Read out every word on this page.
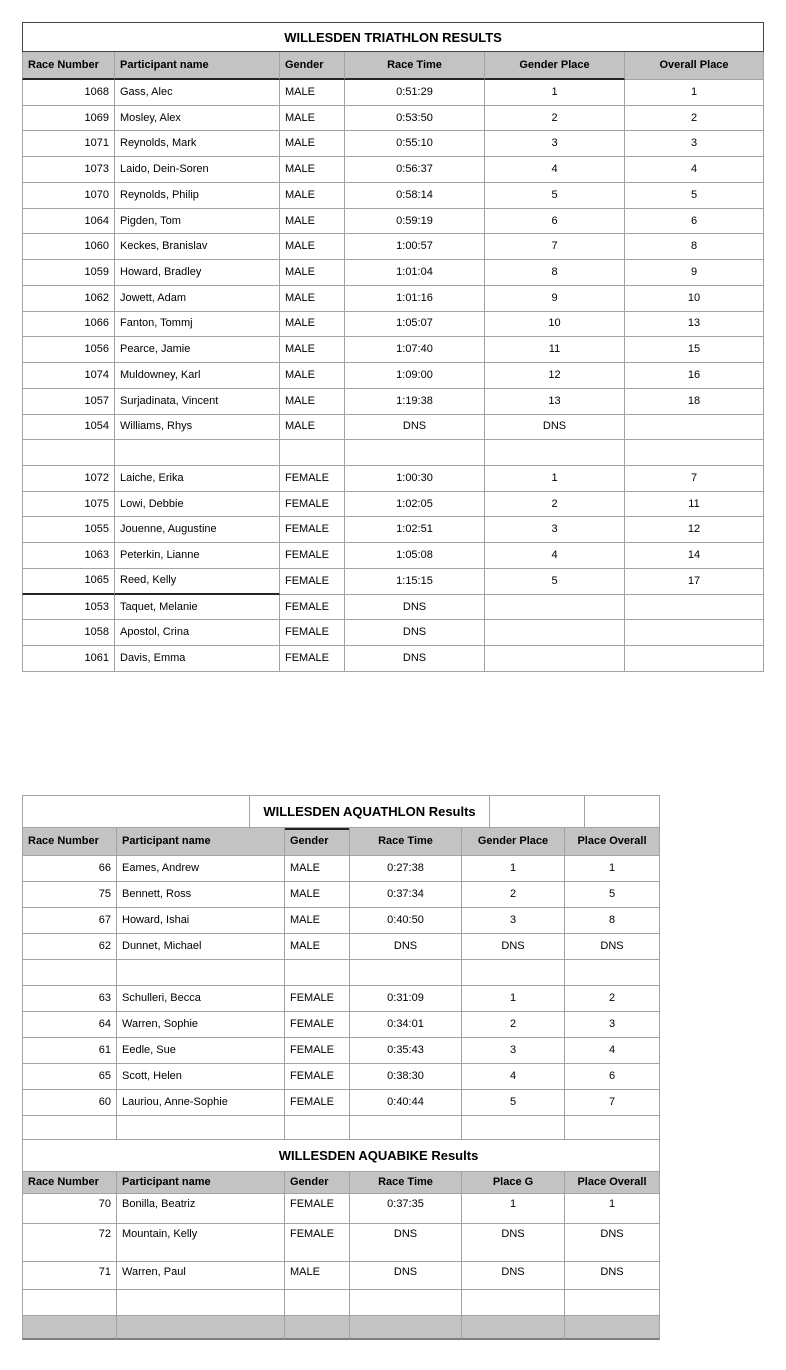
WILLESDEN TRIATHLON RESULTS
Race Number	Participant name	Gender	Race Time	Gender Place	Overall Place
1068	Gass, Alec	MALE	0:51:29	1	1
1069	Mosley, Alex	MALE	0:53:50	2	2
1071	Reynolds, Mark	MALE	0:55:10	3	3
1073	Laido, Dein-Soren	MALE	0:56:37	4	4
1070	Reynolds, Philip	MALE	0:58:14	5	5
1064	Pigden, Tom	MALE	0:59:19	6	6
1060	Keckes, Branislav	MALE	1:00:57	7	8
1059	Howard, Bradley	MALE	1:01:04	8	9
1062	Jowett, Adam	MALE	1:01:16	9	10
1066	Fanton, Tommj	MALE	1:05:07	10	13
1056	Pearce, Jamie	MALE	1:07:40	11	15
1074	Muldowney, Karl	MALE	1:09:00	12	16
1057	Surjadinata, Vincent	MALE	1:19:38	13	18
1054	Williams, Rhys	MALE	DNS	DNS
1072	Laiche, Erika	FEMALE	1:00:30	1	7
1075	Lowi, Debbie	FEMALE	1:02:05	2	11
1055	Jouenne, Augustine	FEMALE	1:02:51	3	12
1063	Peterkin, Lianne	FEMALE	1:05:08	4	14
1065	Reed, Kelly	FEMALE	1:15:15	5	17
1053	Taquet, Melanie	FEMALE	DNS
1058	Apostol, Crina	FEMALE	DNS
1061	Davis, Emma	FEMALE	DNS
WILLESDEN AQUATHLON Results
Race Number	Participant name	Gender	Race Time	Gender Place	Place Overall
66	Eames, Andrew	MALE	0:27:38	1	1
75	Bennett, Ross	MALE	0:37:34	2	5
67	Howard, Ishai	MALE	0:40:50	3	8
62	Dunnet, Michael	MALE	DNS	DNS	DNS
63	Schulleri, Becca	FEMALE	0:31:09	1	2
64	Warren, Sophie	FEMALE	0:34:01	2	3
61	Eedle, Sue	FEMALE	0:35:43	3	4
65	Scott, Helen	FEMALE	0:38:30	4	6
60	Lauriou, Anne-Sophie	FEMALE	0:40:44	5	7
WILLESDEN AQUABIKE Results
Race Number	Participant name	Gender	Race Time	Place G	Place Overall
70	Bonilla, Beatriz	FEMALE	0:37:35	1	1
72	Mountain, Kelly	FEMALE	DNS	DNS	DNS
71	Warren, Paul	MALE	DNS	DNS	DNS
